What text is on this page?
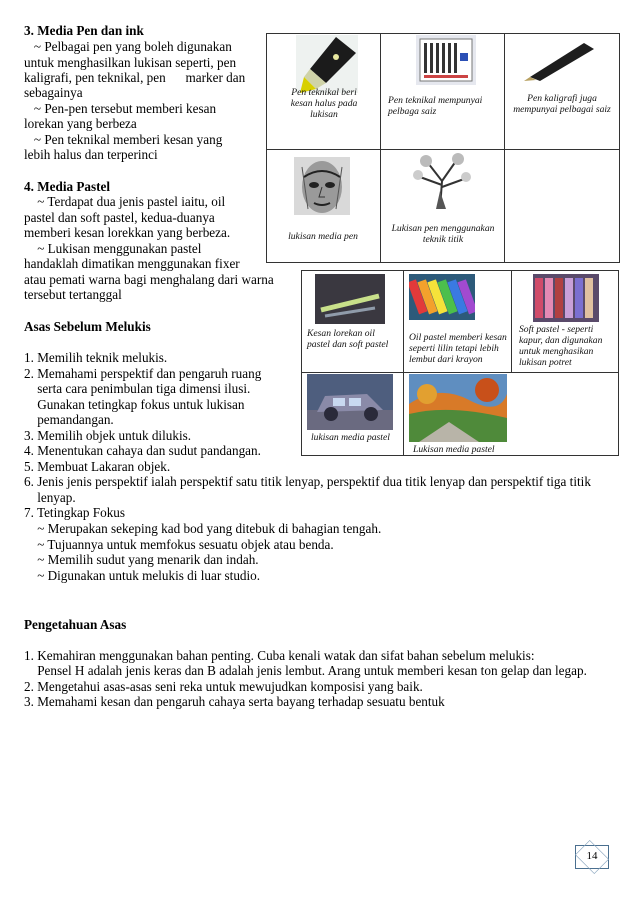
3. Media Pen dan ink
~ Pelbagai pen yang boleh digunakan
untuk menghasilkan lukisan seperti, pen
kaligrafi, pen teknikal, pen      marker dan
sebagainya
~ Pen-pen tersebut memberi kesan
lorekan yang berbeza
~ Pen teknikal memberi kesan yang
lebih halus dan terperinci
4. Media Pastel
~ Terdapat dua jenis pastel iaitu, oil
pastel dan soft pastel, kedua-duanya
memberi kesan lorekkan yang berbeza.
~ Lukisan menggunakan pastel
handaklah dimatikan menggunakan fixer
atau pemati warna bagi menghalang dari warna
tersebut tertanggal
Pen teknikal beri kesan halus pada lukisan
Pen teknikal mempunyai pelbaga saiz
Pen kaligrafi juga mempunyai pelbagai saiz
lukisan media pen
Lukisan pen menggunakan teknik titik
Kesan lorekan oil pastel dan soft pastel
Oil pastel memberi kesan seperti lilin tetapi lebih lembut dari krayon
Soft pastel - seperti kapur, dan digunakan untuk menghasikan lukisan potret
lukisan media pastel
Lukisan media pastel
Asas Sebelum Melukis
1. Memilih teknik melukis.
2. Memahami perspektif dan pengaruh ruang
serta cara penimbulan tiga dimensi ilusi.
Gunakan tetingkap fokus untuk lukisan
pemandangan.
3. Memilih objek untuk dilukis.
4. Menentukan cahaya dan sudut pandangan.
5. Membuat Lakaran objek.
6. Jenis jenis perspektif ialah perspektif satu titik lenyap, perspektif dua titik lenyap dan perspektif tiga titik
lenyap.
7. Tetingkap Fokus
~ Merupakan sekeping kad bod yang ditebuk di bahagian tengah.
~ Tujuannya untuk memfokus sesuatu objek atau benda.
~ Memilih sudut yang menarik dan indah.
~ Digunakan untuk melukis di luar studio.
Pengetahuan Asas
1. Kemahiran menggunakan bahan penting. Cuba kenali watak dan sifat bahan sebelum melukis:
Pensel H adalah jenis keras dan B adalah jenis lembut. Arang untuk memberi kesan ton gelap dan legap.
2. Mengetahui asas-asas seni reka untuk mewujudkan komposisi yang baik.
3. Memahami kesan dan pengaruh cahaya serta bayang terhadap sesuatu bentuk
14
